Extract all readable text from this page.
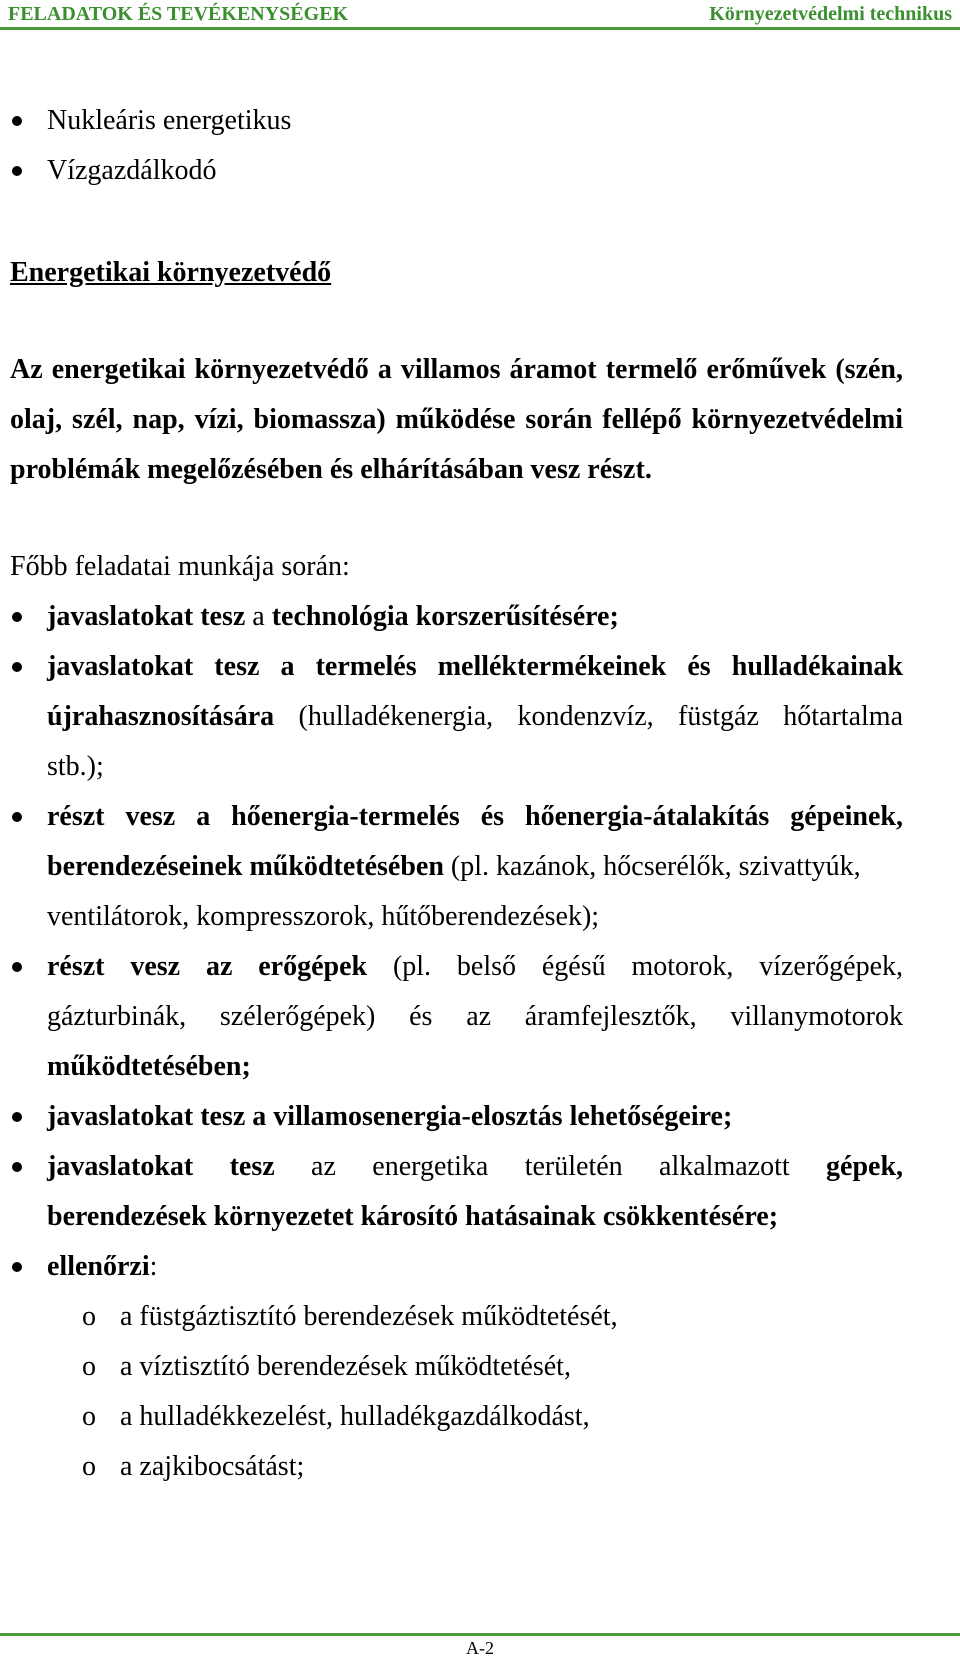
FELADATOK ÉS TEVÉKENYSÉGEK	Környezetvédelmi technikus
Nukleáris energetikus
Vízgazdálkodó
Energetikai környezetvédő
Az energetikai környezetvédő a villamos áramot termelő erőművek (szén,
olaj, szél, nap, vízi, biomassza) működése során fellépő környezetvédelmi
problémák megelőzésében és elhárításában vesz részt.
Főbb feladatai munkája során:
javaslatokat tesz a technológia korszerűsítésére;
javaslatokat tesz a termelés melléktermékeinek és hulladékainak
újrahasznosítására (hulladékenergia, kondenzvíz, füstgáz hőtartalma
stb.);
részt vesz a hőenergia-termelés és hőenergia-átalakítás gépeinek,
berendezéseinek működtetésében (pl. kazánok, hőcserélők, szivattyúk,
ventilátorok, kompresszorok, hűtőberendezések);
részt vesz az erőgépek (pl. belső égésű motorok, vízerőgépek,
gázturbinák, szélerőgépek) és az áramfejlesztők, villanymotorok
működtetésében;
javaslatokat tesz a villamosenergia-elosztás lehetőségeire;
javaslatokat tesz az energetika területén alkalmazott gépek,
berendezések környezetet károsító hatásainak csökkentésére;
ellenőrzi:
o a füstgáztisztító berendezések működtetését,
o a víztisztító berendezések működtetését,
o a hulladékkezelést, hulladékgazdálkodást,
o a zajkibocsátást;
A-2
